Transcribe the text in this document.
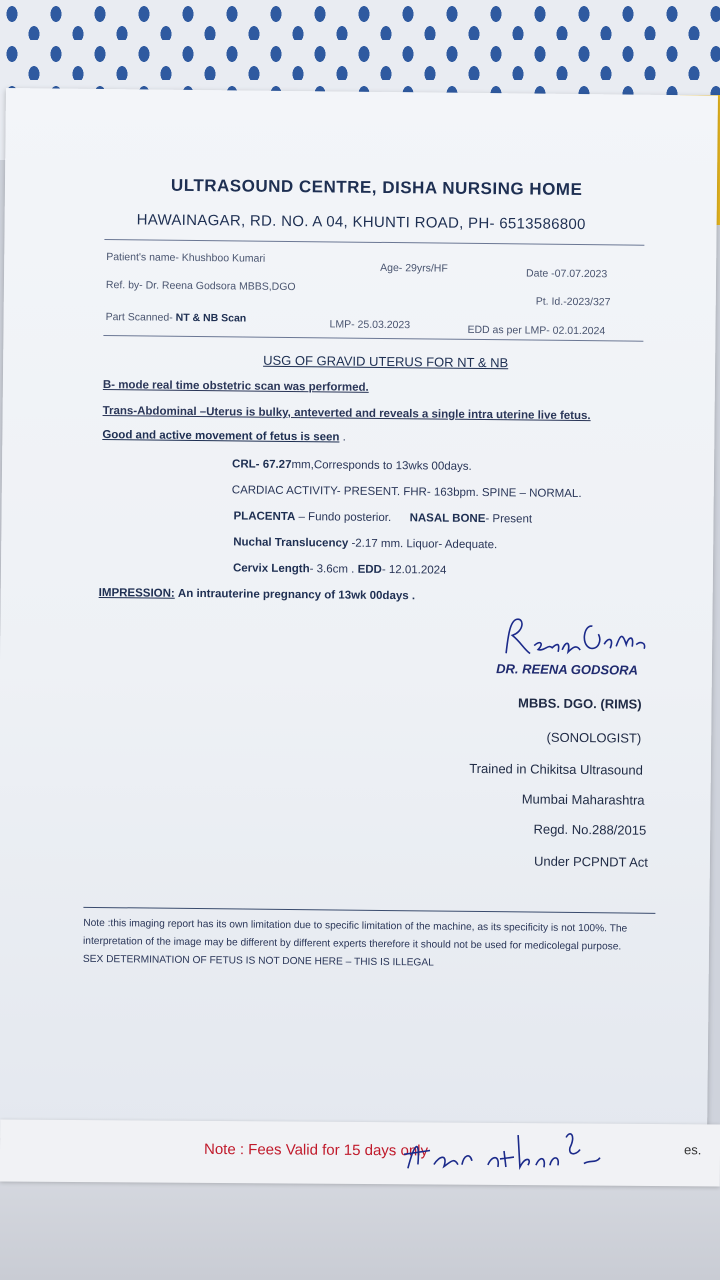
ULTRASOUND CENTRE, DISHA NURSING HOME
HAWAINAGAR, RD. NO. A 04, KHUNTI ROAD, PH- 6513586800
Patient's name- Khushboo Kumari
Age- 29yrs/HF	Date -07.07.2023
Ref. by- Dr. Reena Godsora MBBS,DGO
Pt. Id.-2023/327
Part Scanned- NT & NB Scan
LMP- 25.03.2023	EDD as per LMP- 02.01.2024
USG OF GRAVID UTERUS FOR NT & NB
B- mode real time obstetric scan was performed.
Trans-Abdominal –Uterus is bulky, anteverted and reveals a single intra uterine live fetus.
Good and active movement of fetus is seen .
CRL- 67.27mm,Corresponds to 13wks 00days.
CARDIAC ACTIVITY- PRESENT. FHR- 163bpm. SPINE – NORMAL.
PLACENTA – Fundo posterior. NASAL BONE- Present
Nuchal Translucency -2.17 mm. Liquor- Adequate.
Cervix Length- 3.6cm . EDD- 12.01.2024
IMPRESSION: An intrauterine pregnancy of 13wk 00days .
DR. REENA GODSORA
MBBS. DGO. (RIMS)
(SONOLOGIST)
Trained in Chikitsa Ultrasound
Mumbai Maharashtra
Regd. No.288/2015
Under PCPNDT Act
Note :this imaging report has its own limitation due to specific limitation of the machine, as its specificity is not 100%. The interpretation of the image may be different by different experts therefore it should not be used for medicolegal purpose.  SEX DETERMINATION OF FETUS IS NOT DONE HERE – THIS IS ILLEGAL
Note : Fees Valid for 15 days only	es.
